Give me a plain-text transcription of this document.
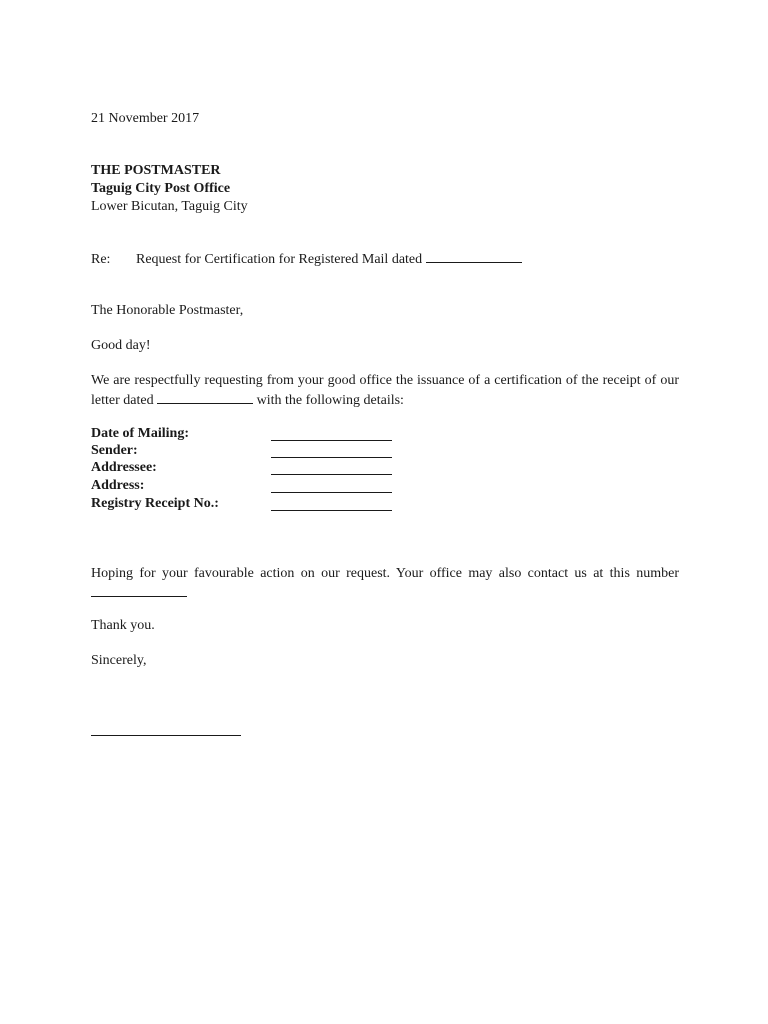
21 November 2017
THE POSTMASTER
Taguig City Post Office
Lower Bicutan, Taguig City
Re: Request for Certification for Registered Mail dated
The Honorable Postmaster,
Good day!
We are respectfully requesting from your good office the issuance of a certification of the receipt of our letter dated	with the following details:
Date of Mailing:
Sender:
Addressee:
Address:
Registry Receipt No.:
Hoping for your favourable action on our request. Your office may also contact us at this number
Thank you.
Sincerely,
